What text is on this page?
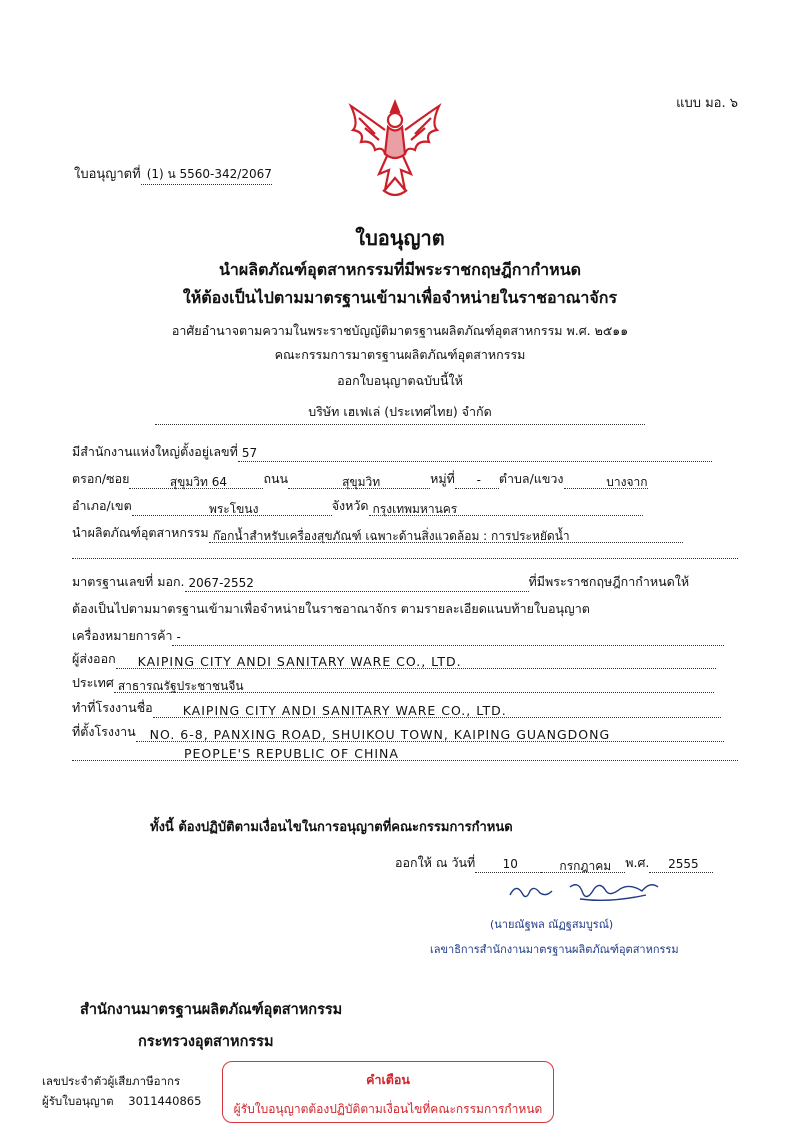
แบบ มอ. ๖
ใบอนุญาตที่ (1) น 5560-342/2067
ใบอนุญาต
นำผลิตภัณฑ์อุตสาหกรรมที่มีพระราชกฤษฎีกากำหนด
ให้ต้องเป็นไปตามมาตรฐานเข้ามาเพื่อจำหน่ายในราชอาณาจักร
อาศัยอำนาจตามความในพระราชบัญญัติมาตรฐานผลิตภัณฑ์อุตสาหกรรม พ.ศ. ๒๕๑๑
คณะกรรมการมาตรฐานผลิตภัณฑ์อุตสาหกรรม
ออกใบอนุญาตฉบับนี้ให้
บริษัท เฮเฟเล่ (ประเทศไทย) จำกัด
มีสำนักงานแห่งใหญ่ตั้งอยู่เลขที่ 57
ตรอก/ซอย	สุขุมวิท 64	ถนน	สุขุมวิท	หมู่ที่ - ตำบล/แขวง	บางจาก
อำเภอ/เขต	พระโขนง	จังหวัด กรุงเทพมหานคร
นำผลิตภัณฑ์อุตสาหกรรม ก๊อกน้ำสำหรับเครื่องสุขภัณฑ์ เฉพาะด้านสิ่งแวดล้อม : การประหยัดน้ำ
มาตรฐานเลขที่ มอก. 2067-2552	ที่มีพระราชกฤษฎีกากำหนดให้
ต้องเป็นไปตามมาตรฐานเข้ามาเพื่อจำหน่ายในราชอาณาจักร ตามรายละเอียดแนบท้ายใบอนุญาต
เครื่องหมายการค้า -
ผู้ส่งออก KAIPING CITY ANDI SANITARY WARE CO., LTD.
ประเทศ สาธารณรัฐประชาชนจีน
ทำที่โรงงานชื่อ KAIPING CITY ANDI SANITARY WARE CO., LTD.
ที่ตั้งโรงงาน NO. 6-8, PANXING ROAD, SHUIKOU TOWN, KAIPING GUANGDONG
PEOPLE'S REPUBLIC OF CHINA
ทั้งนี้ ต้องปฏิบัติตามเงื่อนไขในการอนุญาตที่คณะกรรมการกำหนด
ออกให้ ณ วันที่ 10	กรกฎาคม พ.ศ. 2555
(นายณัฐพล ณัฏฐสมบูรณ์)
เลขาธิการสำนักงานมาตรฐานผลิตภัณฑ์อุตสาหกรรม
สำนักงานมาตรฐานผลิตภัณฑ์อุตสาหกรรม
กระทรวงอุตสาหกรรม
เลขประจำตัวผู้เสียภาษีอากร
ผู้รับใบอนุญาต 3011440865
คำเตือน
ผู้รับใบอนุญาตต้องปฏิบัติตามเงื่อนไขที่คณะกรรมการกำหนด
